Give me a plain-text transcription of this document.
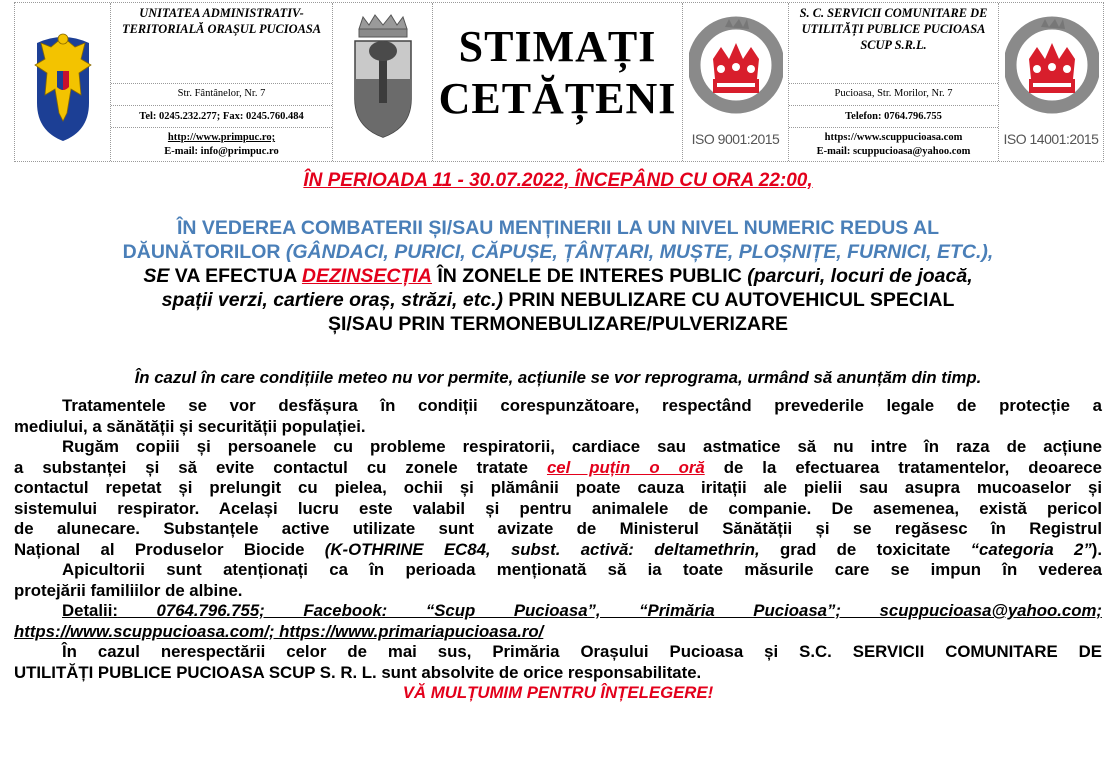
UNITATEA ADMINISTRATIV-TERITORIALĂ ORAȘUL PUCIOASA
Str. Fântânelor, Nr. 7
Tel: 0245.232.277; Fax: 0245.760.484
http://www.primpuc.ro;
E-mail: info@primpuc.ro
STIMAȚI
CETĂȚENI
ISO 9001:2015
S. C. SERVICII COMUNITARE DE UTILITĂȚI PUBLICE PUCIOASA SCUP S.R.L.
Pucioasa, Str. Morilor, Nr. 7
Telefon: 0764.796.755
https://www.scuppucioasa.com
E-mail: scuppucioasa@yahoo.com
ISO 14001:2015
ÎN PERIOADA 11 - 30.07.2022, ÎNCEPÂND CU ORA 22:00,
ÎN VEDEREA COMBATERII ȘI/SAU MENȚINERII LA UN NIVEL NUMERIC REDUS AL
DĂUNĂTORILOR (GÂNDACI, PURICI, CĂPUȘE, ȚÂNȚARI, MUȘTE, PLOȘNIȚE, FURNICI, ETC.),
SE VA EFECTUA DEZINSECȚIA ÎN ZONELE DE INTERES PUBLIC (parcuri, locuri de joacă,
spații verzi, cartiere oraș, străzi, etc.) PRIN NEBULIZARE CU AUTOVEHICUL SPECIAL
ȘI/SAU PRIN TERMONEBULIZARE/PULVERIZARE
În cazul în care condițiile meteo nu vor permite, acțiunile se vor reprograma, urmând să anunțăm din timp.
Tratamentele se vor desfășura în condiții corespunzătoare, respectând prevederile legale de protecție a
mediului, a sănătății și securității populației.
Rugăm copiii și persoanele cu probleme respiratorii, cardiace sau astmatice să nu intre în raza de acțiune
a substanței și să evite contactul cu zonele tratate cel puțin o oră de la efectuarea tratamentelor, deoarece
contactul repetat și prelungit cu pielea, ochii și plămânii poate cauza iritații ale pielii sau asupra mucoaselor și
sistemului respirator. Același lucru este valabil și pentru animalele de companie. De asemenea, există pericol
de alunecare. Substanțele active utilizate sunt avizate de Ministerul Sănătății și se regăsesc în Registrul
Național al Produselor Biocide (K-OTHRINE EC84, subst. activă: deltamethrin, grad de toxicitate “categoria 2”).
Apicultorii sunt atenționați ca în perioada menționată să ia toate măsurile care se impun în vederea
protejării familiilor de albine.
Detalii: 0764.796.755; Facebook: “Scup Pucioasa”, “Primăria Pucioasa”; scuppucioasa@yahoo.com;
https://www.scuppucioasa.com/; https://www.primariapucioasa.ro/
În cazul nerespectării celor de mai sus, Primăria Orașului Pucioasa și S.C. SERVICII COMUNITARE DE
UTILITĂȚI PUBLICE PUCIOASA SCUP S. R. L. sunt absolvite de orice responsabilitate.
VĂ MULȚUMIM PENTRU ÎNȚELEGERE!
